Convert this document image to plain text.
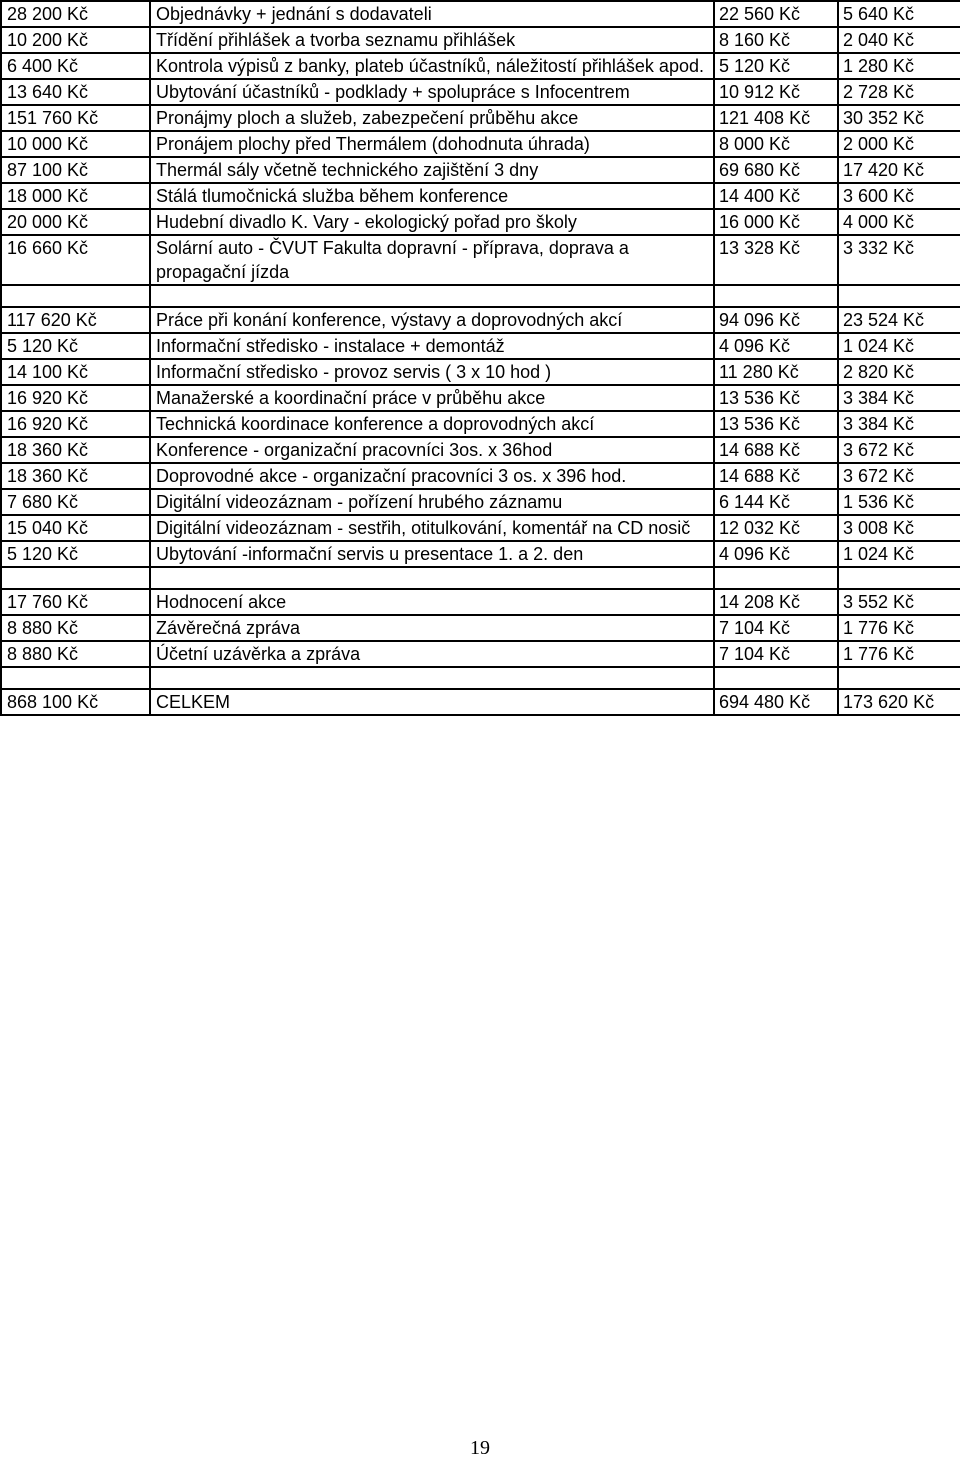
28 200 Kč	Objednávky + jednání s dodavateli	22 560 Kč	5 640 Kč
10 200 Kč	Třídění přihlášek a tvorba seznamu přihlášek	8 160 Kč	2 040 Kč
6 400 Kč	Kontrola výpisů z banky, plateb účastníků, náležitostí přihlášek apod.	5 120 Kč	1 280 Kč
13 640 Kč	Ubytování účastníků - podklady + spolupráce s Infocentrem	10 912 Kč	2 728 Kč
151 760 Kč	Pronájmy ploch a služeb, zabezpečení průběhu akce	121 408 Kč	30 352 Kč
10 000 Kč	Pronájem plochy před Thermálem (dohodnuta úhrada)	8 000 Kč	2 000 Kč
87 100 Kč	Thermál sály včetně technického zajištění 3 dny	69 680 Kč	17 420 Kč
18 000 Kč	Stálá tlumočnická služba během konference	14 400 Kč	3 600 Kč
20 000 Kč	Hudební divadlo K. Vary - ekologický pořad pro školy	16 000 Kč	4 000 Kč
16 660 Kč	Solární auto - ČVUT Fakulta dopravní - příprava, doprava a propagační jízda	13 328 Kč	3 332 Kč

117 620 Kč	Práce při konání konference, výstavy a doprovodných akcí	94 096 Kč	23 524 Kč
5 120 Kč	Informační středisko - instalace + demontáž	4 096 Kč	1 024 Kč
14 100 Kč	Informační středisko - provoz servis ( 3 x 10 hod )	11 280 Kč	2 820 Kč
16 920 Kč	Manažerské a koordinační práce v průběhu akce	13 536 Kč	3 384 Kč
16 920 Kč	Technická koordinace konference a doprovodných akcí	13 536 Kč	3 384 Kč
18 360 Kč	Konference - organizační pracovníci 3os. x 36hod	14 688 Kč	3 672 Kč
18 360 Kč	Doprovodné akce - organizační pracovníci 3 os. x 396 hod.	14 688 Kč	3 672 Kč
7 680 Kč	Digitální videozáznam - pořízení hrubého záznamu	6 144 Kč	1 536 Kč
15 040 Kč	Digitální videozáznam - sestřih, otitulkování, komentář na CD nosič	12 032 Kč	3 008 Kč
5 120 Kč	Ubytování -informační servis u presentace 1. a 2. den	4 096 Kč	1 024 Kč

17 760 Kč	Hodnocení akce	14 208 Kč	3 552 Kč
8 880 Kč	Závěrečná zpráva	7 104 Kč	1 776 Kč
8 880 Kč	Účetní uzávěrka a zpráva	7 104 Kč	1 776 Kč

868 100 Kč	CELKEM	694 480 Kč	173 620 Kč
19
